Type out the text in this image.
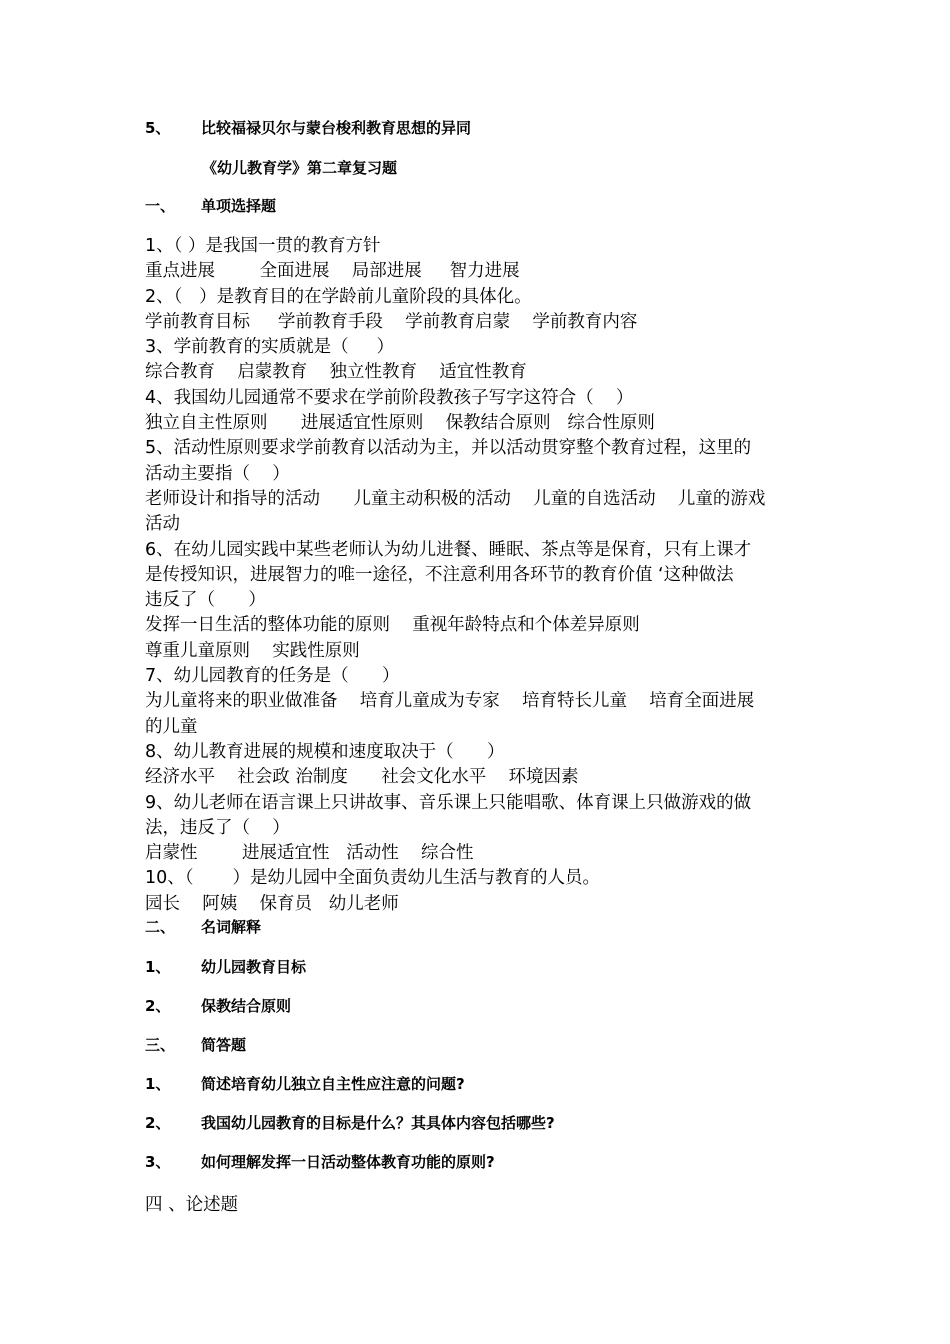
5、 比较福禄贝尔与蒙台梭利教育思想的异同
《幼儿教育学》第二章复习题
一、 单项选择题
1、（ ）是我国一贯的教育方针
重点进展        全面进展    局部进展     智力进展
2、（   ）是教育目的在学龄前儿童阶段的具体化。
学前教育目标     学前教育手段    学前教育启蒙    学前教育内容
3、学前教育的实质就是（     ）
综合教育    启蒙教育    独立性教育    适宜性教育
4、我国幼儿园通常不要求在学前阶段教孩子写字这符合（    ）
独立自主性原则      进展适宜性原则    保教结合原则   综合性原则
5、活动性原则要求学前教育以活动为主，并以活动贯穿整个教育过程，这里的
活动主要指（    ）
老师设计和指导的活动      儿童主动积极的活动    儿童的自选活动    儿童的游戏
活动
6、在幼儿园实践中某些老师认为幼儿进餐、睡眠、茶点等是保育，只有上课才
是传授知识，进展智力的唯一途径，不注意利用各环节的教育价值 ‘这种做法
违反了（      ）
发挥一日生活的整体功能的原则    重视年龄特点和个体差异原则
尊重儿童原则    实践性原则
7、幼儿园教育的任务是（      ）
为儿童将来的职业做准备    培育儿童成为专家    培育特长儿童    培育全面进展
的儿童
8、幼儿教育进展的规模和速度取决于（      ）
经济水平    社会政 治制度      社会文化水平    环境因素
9、幼儿老师在语言课上只讲故事、音乐课上只能唱歌、体育课上只做游戏的做
法，违反了（    ）
启蒙性        进展适宜性   活动性    综合性
10、（       ）是幼儿园中全面负责幼儿生活与教育的人员。
园长    阿姨    保育员   幼儿老师
二、 名词解释
1、 幼儿园教育目标
2、 保教结合原则
三、 简答题
1、 简述培育幼儿独立自主性应注意的问题?
2、 我国幼儿园教育的目标是什么？其具体内容包括哪些?
3、 如何理解发挥一日活动整体教育功能的原则?
四 、论述题
